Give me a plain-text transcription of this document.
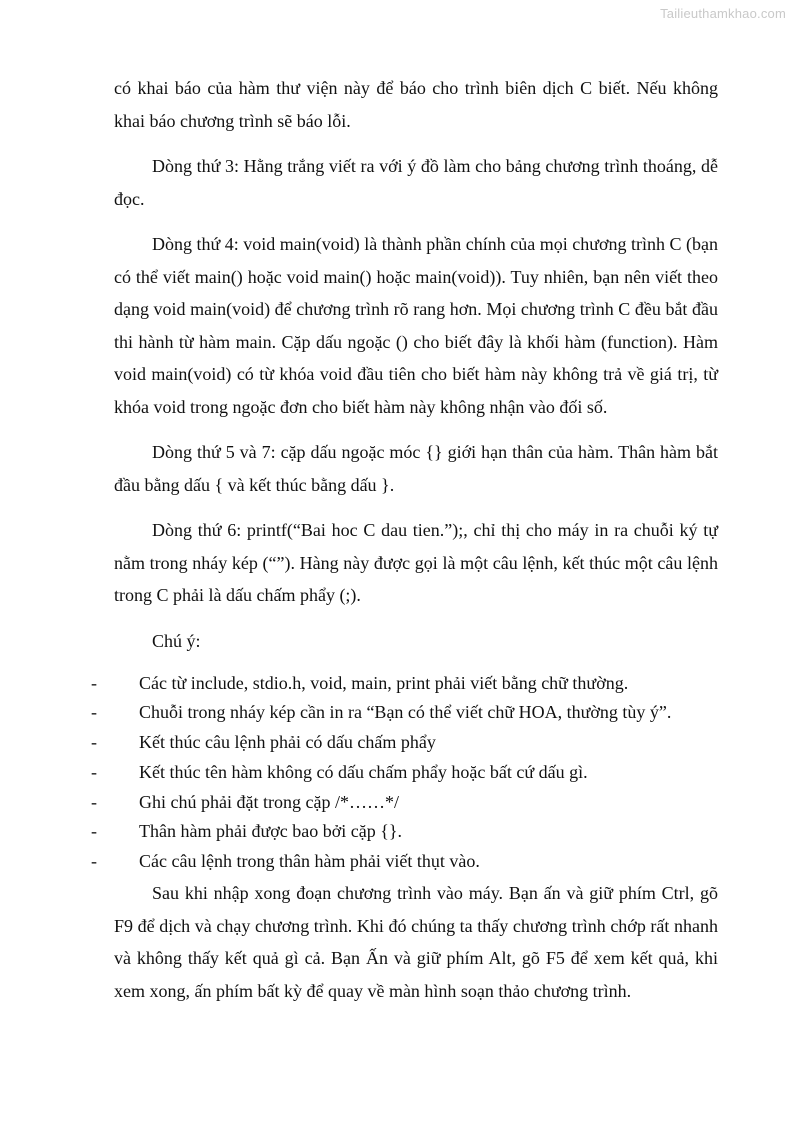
Tailieuthamkhao.com

có khai báo của hàm thư viện này để báo cho trình biên dịch C biết. Nếu không khai báo chương trình sẽ báo lỗi.

Dòng thứ 3: Hằng trắng viết ra với ý đồ làm cho bảng chương trình thoáng, dễ đọc.

Dòng thứ 4: void main(void) là thành phần chính của mọi chương trình C (bạn có thể viết main() hoặc void main() hoặc main(void)). Tuy nhiên, bạn nên viết theo dạng void main(void) để chương trình rõ rang hơn. Mọi chương trình C đều bắt đầu thi hành từ hàm main. Cặp dấu ngoặc () cho biết đây là khối hàm (function). Hàm void main(void) có từ khóa void đầu tiên cho biết hàm này không trả về giá trị, từ khóa void trong ngoặc đơn cho biết hàm này không nhận vào đối số.

Dòng thứ 5 và 7: cặp dấu ngoặc móc {} giới hạn thân của hàm. Thân hàm bắt đầu bằng dấu { và kết thúc bằng dấu }.

Dòng thứ 6: printf(“Bai hoc C dau tien.”);, chỉ thị cho máy in ra chuỗi ký tự nằm trong nháy kép (“”). Hàng này được gọi là một câu lệnh, kết thúc một câu lệnh trong C phải là dấu chấm phẩy (;).

Chú ý:
-	Các từ include, stdio.h, void, main, print phải viết bằng chữ thường.
-	Chuỗi trong nháy kép cần in ra “Bạn có thể viết chữ HOA, thường tùy ý”.
-	Kết thúc câu lệnh phải có dấu chấm phẩy
-	Kết thúc tên hàm không có dấu chấm phẩy hoặc bất cứ dấu gì.
-	Ghi chú phải đặt trong cặp /*……*/
-	Thân hàm phải được bao bởi cặp {}.
-	Các câu lệnh trong thân hàm phải viết thụt vào.

Sau khi nhập xong đoạn chương trình vào máy. Bạn ấn và giữ phím Ctrl, gõ F9 để dịch và chạy chương trình. Khi đó chúng ta thấy chương trình chớp rất nhanh và không thấy kết quả gì cả. Bạn Ấn và giữ phím Alt, gõ F5 để xem kết quả, khi xem xong, ấn phím bất kỳ để quay về màn hình soạn thảo chương trình.
